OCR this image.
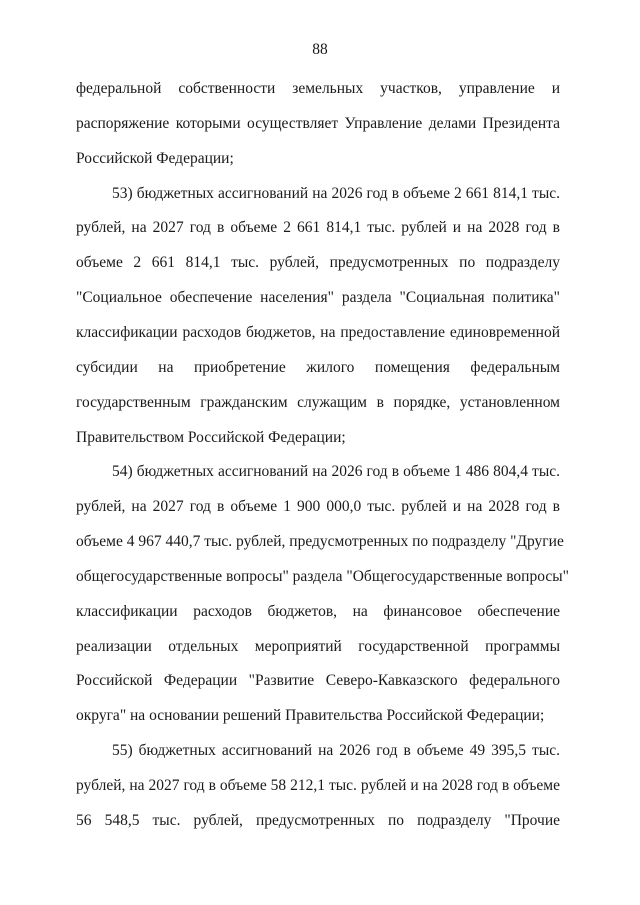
88
федеральной собственности земельных участков, управление и
распоряжение которыми осуществляет Управление делами Президента
Российской Федерации;
53) бюджетных ассигнований на 2026 год в объеме 2 661 814,1 тыс.
рублей, на 2027 год в объеме 2 661 814,1 тыс. рублей и на 2028 год в
объеме 2 661 814,1 тыс. рублей, предусмотренных по подразделу
"Социальное обеспечение населения" раздела "Социальная политика"
классификации расходов бюджетов, на предоставление единовременной
субсидии на приобретение жилого помещения федеральным
государственным гражданским служащим в порядке, установленном
Правительством Российской Федерации;
54) бюджетных ассигнований на 2026 год в объеме 1 486 804,4 тыс.
рублей, на 2027 год в объеме 1 900 000,0 тыс. рублей и на 2028 год в
объеме 4 967 440,7 тыс. рублей, предусмотренных по подразделу "Другие
общегосударственные вопросы" раздела "Общегосударственные вопросы"
классификации расходов бюджетов, на финансовое обеспечение
реализации отдельных мероприятий государственной программы
Российской Федерации "Развитие Северо-Кавказского федерального
округа" на основании решений Правительства Российской Федерации;
55) бюджетных ассигнований на 2026 год в объеме 49 395,5 тыс.
рублей, на 2027 год в объеме 58 212,1 тыс. рублей и на 2028 год в объеме
56 548,5 тыс. рублей, предусмотренных по подразделу "Прочие
